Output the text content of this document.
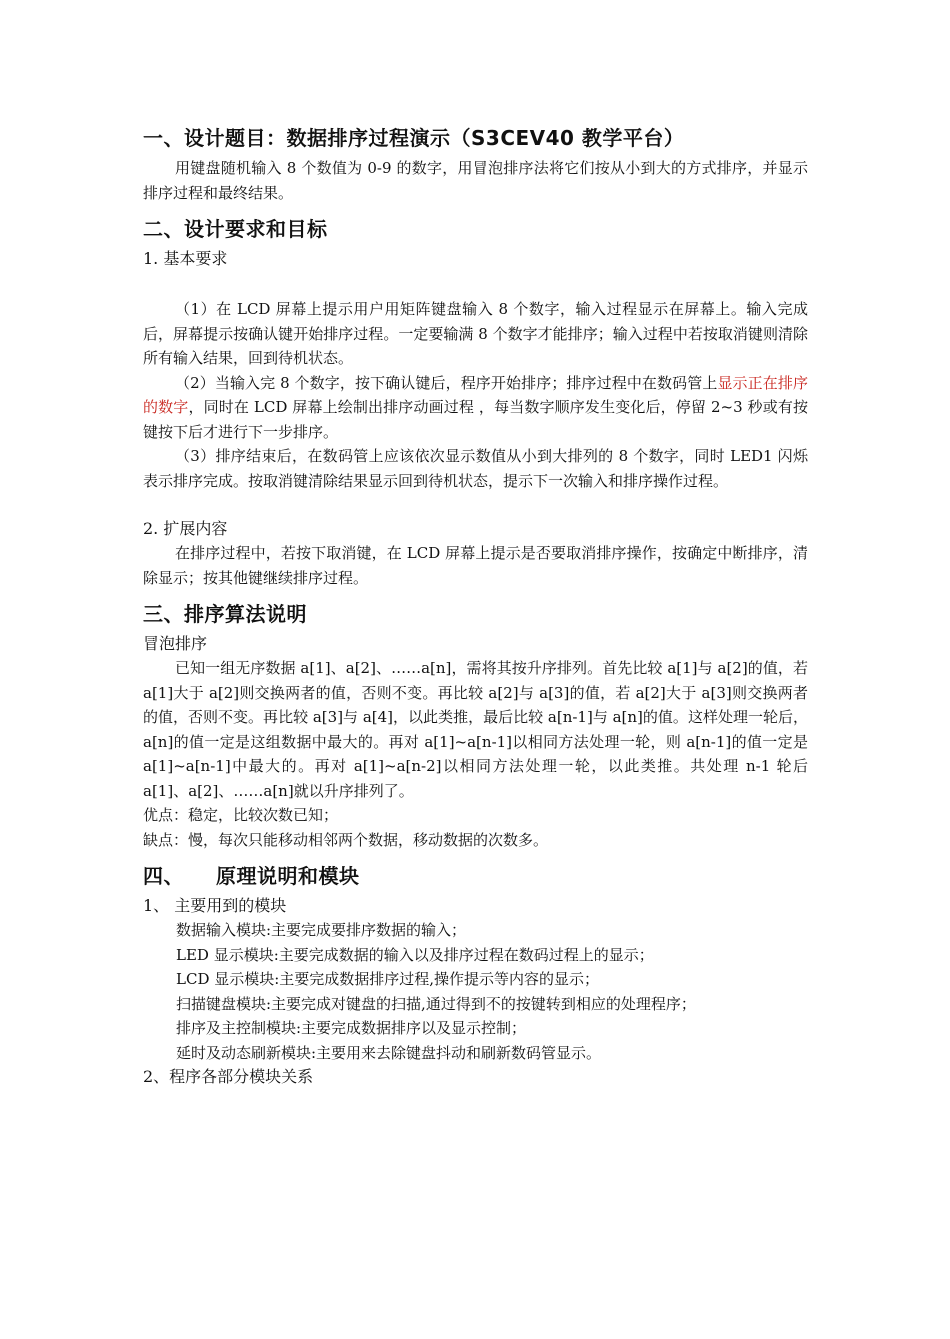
一、设计题目：数据排序过程演示（S3CEV40 教学平台）

用键盘随机输入 8 个数值为 0-9 的数字，用冒泡排序法将它们按从小到大的方式排序，并显示排序过程和最终结果。

二、设计要求和目标

1. 基本要求

（1）在 LCD 屏幕上提示用户用矩阵键盘输入 8 个数字，输入过程显示在屏幕上。输入完成后，屏幕提示按确认键开始排序过程。一定要输满 8 个数字才能排序；输入过程中若按取消键则清除所有输入结果，回到待机状态。

（2）当输入完 8 个数字，按下确认键后，程序开始排序；排序过程中在数码管上显示正在排序的数字，同时在 LCD 屏幕上绘制出排序动画过程 ，每当数字顺序发生变化后，停留 2~3 秒或有按键按下后才进行下一步排序。

（3）排序结束后，在数码管上应该依次显示数值从小到大排列的 8 个数字，同时 LED1 闪烁表示排序完成。按取消键清除结果显示回到待机状态，提示下一次输入和排序操作过程。

2. 扩展内容

在排序过程中，若按下取消键，在 LCD 屏幕上提示是否要取消排序操作，按确定中断排序，清除显示；按其他键继续排序过程。

三、排序算法说明

冒泡排序

已知一组无序数据 a[1]、a[2]、……a[n]，需将其按升序排列。首先比较 a[1]与 a[2]的值，若 a[1]大于 a[2]则交换两者的值，否则不变。再比较 a[2]与 a[3]的值，若 a[2]大于 a[3]则交换两者的值，否则不变。再比较 a[3]与 a[4]，以此类推，最后比较 a[n-1]与 a[n]的值。这样处理一轮后，a[n]的值一定是这组数据中最大的。再对 a[1]~a[n-1]以相同方法处理一轮，则 a[n-1]的值一定是 a[1]~a[n-1]中最大的。再对 a[1]~a[n-2]以相同方法处理一轮，以此类推。共处理 n-1 轮后 a[1]、a[2]、……a[n]就以升序排列了。

优点：稳定，比较次数已知；

缺点：慢，每次只能移动相邻两个数据，移动数据的次数多。

四、 原理说明和模块

1、 主要用到的模块

数据输入模块:主要完成要排序数据的输入；

LED 显示模块:主要完成数据的输入以及排序过程在数码过程上的显示；

LCD 显示模块:主要完成数据排序过程,操作提示等内容的显示；

扫描键盘模块:主要完成对键盘的扫描,通过得到不的按键转到相应的处理程序；

排序及主控制模块:主要完成数据排序以及显示控制；

延时及动态刷新模块:主要用来去除键盘抖动和刷新数码管显示。

2、程序各部分模块关系
